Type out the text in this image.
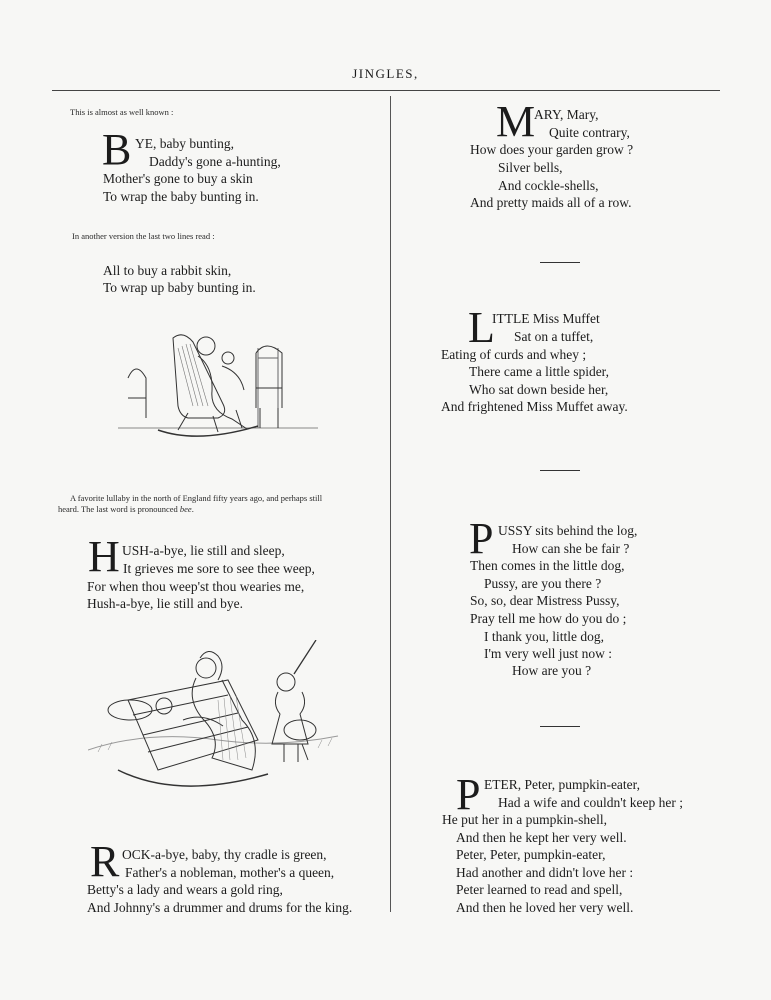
JINGLES,
This is almost as well known :
B YE, baby bunting,
Daddy's gone a-hunting,
Mother's gone to buy a skin
To wrap the baby bunting in.
In another version the last two lines read :
All to buy a rabbit skin,
To wrap up baby bunting in.
A favorite lullaby in the north of England fifty years ago, and perhaps still
heard. The last word is pronounced bee.
H USH-a-bye, lie still and sleep,
It grieves me sore to see thee weep,
For when thou weep'st thou wearies me,
Hush-a-bye, lie still and bye.
R OCK-a-bye, baby, thy cradle is green,
Father's a nobleman, mother's a queen,
Betty's a lady and wears a gold ring,
And Johnny's a drummer and drums for the king.
M
ARY, Mary,
Quite contrary,
How does your garden grow ?
Silver bells,
And cockle-shells,
And pretty maids all of a row.
L
ITTLE Miss Muffet
Sat on a tuffet,
Eating of curds and whey ;
There came a little spider,
Who sat down beside her,
And frightened Miss Muffet away.
P USSY sits behind the log,
How can she be fair ?
Then comes in the little dog,
Pussy, are you there ?
So, so, dear Mistress Pussy,
Pray tell me how do you do ;
I thank you, little dog,
I'm very well just now :
How are you ?
P ETER, Peter, pumpkin-eater,
Had a wife and couldn't keep her ;
He put her in a pumpkin-shell,
And then he kept her very well.
Peter, Peter, pumpkin-eater,
Had another and didn't love her :
Peter learned to read and spell,
And then he loved her very well.
